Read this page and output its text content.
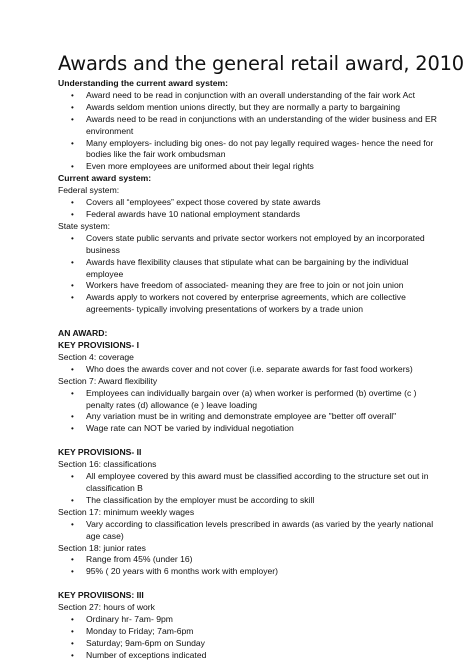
Awards and the general retail award, 2010
Understanding the current award system:
• Award need to be read in conjunction with an overall understanding of the fair work Act
• Awards seldom mention unions directly, but they are normally a party to bargaining
• Awards need to be read in conjunctions with an understanding of the wider business and ER environment
• Many employers- including big ones- do not pay legally required wages- hence the need for bodies like the fair work ombudsman
• Even more employees are uniformed about their legal rights
Current award system:
Federal system:
• Covers all “employees” expect those covered by state awards
• Federal awards have 10 national employment standards
State system:
• Covers state public servants and private sector workers not employed by an incorporated business
• Awards have flexibility clauses that stipulate what can be bargaining by the individual employee
• Workers have freedom of associated- meaning they are free to join or not join union
• Awards apply to workers not covered by enterprise agreements, which are collective agreements- typically involving presentations of workers by a trade union
AN AWARD:
KEY PROVISIONS- I
Section 4: coverage
• Who does the awards cover and not cover (i.e. separate awards for fast food workers)
Section 7: Award flexibility
• Employees can individually bargain over (a) when worker is performed (b) overtime (c ) penalty rates (d) allowance (e ) leave loading
• Any variation must be in writing and demonstrate employee are "better off overall"
• Wage rate can NOT be varied by individual negotiation
KEY PROVISIONS- II
Section 16: classifications
• All employee covered by this award must be classified according to the structure set out in classification B
• The classification by the employer must be according to skill
Section 17: minimum weekly wages
• Vary according to classification levels prescribed in awards (as varied by the yearly national age case)
Section 18: junior rates
• Range from 45% (under 16)
• 95% ( 20 years with 6 months work with employer)
KEY PROVIISONS: III
Section 27: hours of work
• Ordinary hr- 7am- 9pm
• Monday to Friday; 7am-6pm
• Saturday; 9am-6pm on Sunday
• Number of exceptions indicated
